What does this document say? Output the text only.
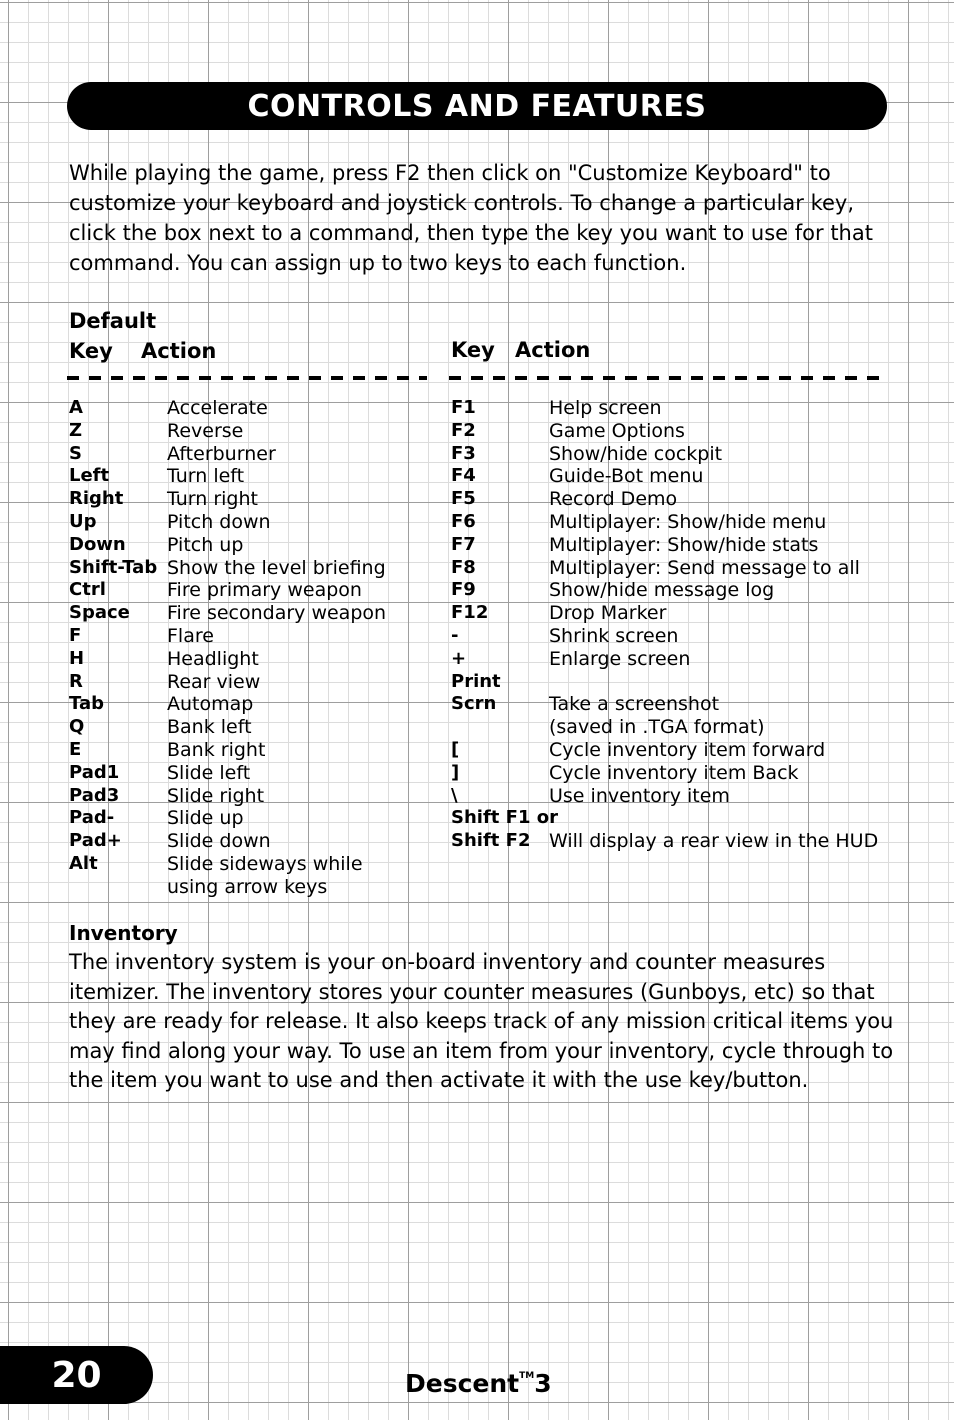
CONTROLS AND FEATURES

While playing the game, press F2 then click on "Customize Keyboard" to customize your keyboard and joystick controls. To change a particular key, click the box next to a command, then type the key you want to use for that command. You can assign up to two keys to each function.

Default
Key Action	Key Action
A	Accelerate
Z	Reverse
S	Afterburner
Left	Turn left
Right	Turn right
Up	Pitch down
Down	Pitch up
Shift-Tab Show the level briefing
Ctrl	Fire primary weapon
Space	Fire secondary weapon
F	Flare
H	Headlight
R	Rear view
Tab	Automap
Q	Bank left
E	Bank right
Pad1	Slide left
Pad3	Slide right
Pad-	Slide up
Pad+	Slide down
Alt	Slide sideways while
using arrow keys
F1	Help screen
F2	Game Options
F3	Show/hide cockpit
F4	Guide-Bot menu
F5	Record Demo
F6	Multiplayer: Show/hide menu
F7	Multiplayer: Show/hide stats
F8	Multiplayer: Send message to all
F9	Show/hide message log
F12	Drop Marker
-	Shrink screen
+	Enlarge screen
Print
Scrn	Take a screenshot
(saved in .TGA format)
[	Cycle inventory item forward
]	Cycle inventory item Back
\	Use inventory item
Shift F1 or
Shift F2 Will display a rear view in the HUD
Inventory

The inventory system is your on-board inventory and counter measures itemizer. The inventory stores your counter measures (Gunboys, etc) so that they are ready for release. It also keeps track of any mission critical items you may find along your way. To use an item from your inventory, cycle through to the item you want to use and then activate it with the use key/button.

20	Descent™3
